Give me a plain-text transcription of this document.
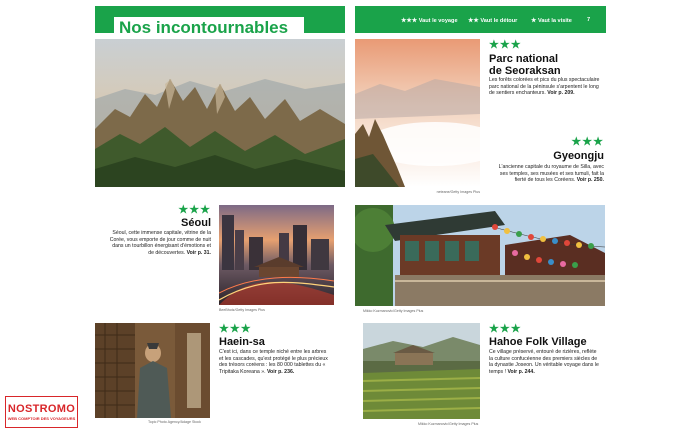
Nos incontournables	★★★ Vaut le voyage ★★ Vaut le détour ★ Vaut la visite	7
neteane/Getty Images Plus
★★★
Parc national
de Seoraksan
Les forêts colorées et pics du plus spectaculaire parc national de la péninsule s'arpentent le long de sentiers enchanteurs. Voir p. 209.
★★★
Gyeongju
L'ancienne capitale du royaume de Silla, avec ses temples, ses musées et ses tumuli, fait la fierté de tous les Coréens. Voir p. 250.
★★★
Séoul
Séoul, cette immense capitale, vitrine de la Corée, vous emporte de jour comme de nuit dans un tourbillon énergisant d'émotions et de découvertes. Voir p. 31.
BeeBhotz/Getty Images Plus	Mikko Kuzmanovic/Getty Images Plus
Topic Photo Agency/Adage Stock
★★★
Haein-sa
C'est ici, dans ce temple niché entre les arbres et les cascades, qu'est protégé le plus précieux des trésors coréens : les 80 000 tablettes du « Tripitaka Koreana ». Voir p. 236.
Mikko Kuzmanovic/Getty Images Plus
★★★
Hahoe Folk Village
Ce village préservé, entouré de rizières, reflète la culture confucéenne des premiers siècles de la dynastie Joseon. Un véritable voyage dans le temps ! Voir p. 244.
NOSTROMO
WEB COMPTOIR DES VOYAGEURS
